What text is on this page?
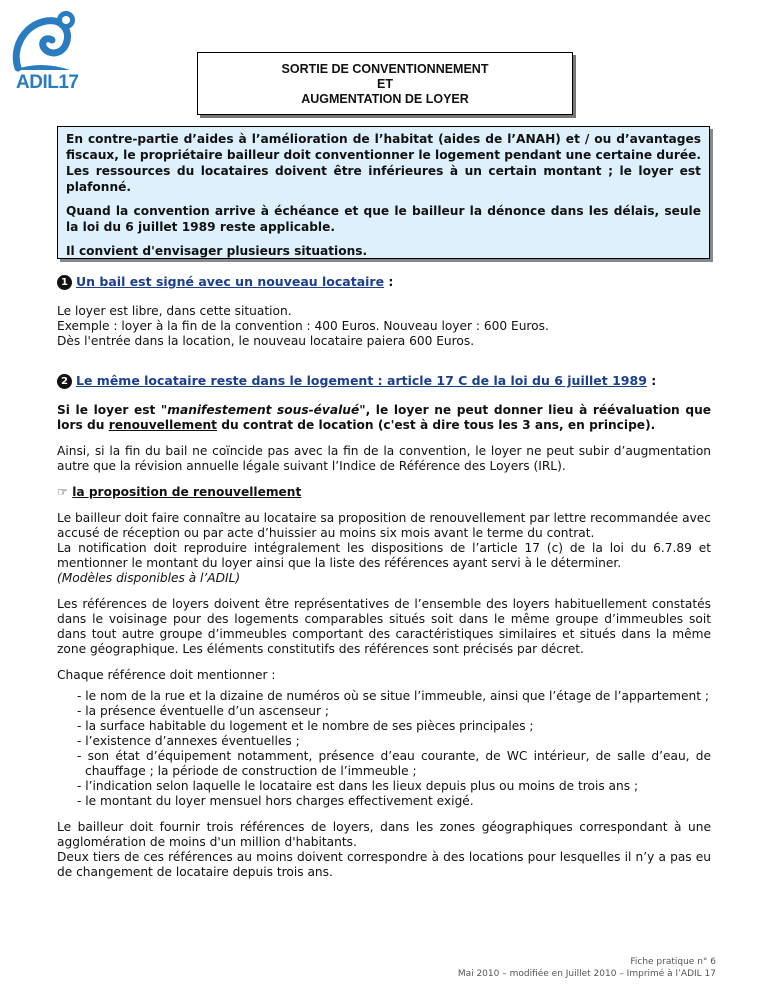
ADIL17
SORTIE DE CONVENTIONNEMENT
ET
AUGMENTATION DE LOYER

En contre-partie d’aides à l’amélioration de l’habitat (aides de l’ANAH) et / ou d’avantages fiscaux, le propriétaire bailleur doit conventionner le logement pendant une certaine durée. Les ressources du locataires doivent être inférieures à un certain montant ; le loyer est plafonné.

Quand la convention arrive à échéance et que le bailleur la dénonce dans les délais, seule la loi du 6 juillet 1989 reste applicable.

Il convient d'envisager plusieurs situations.

1 Un bail est signé avec un nouveau locataire :

Le loyer est libre, dans cette situation.

Exemple : loyer à la fin de la convention : 400 Euros. Nouveau loyer : 600 Euros.

Dès l'entrée dans la location, le nouveau locataire paiera 600 Euros.

2 Le même locataire reste dans le logement : article 17 C de la loi du 6 juillet 1989 :

Si le loyer est "manifestement sous-évalué", le loyer ne peut donner lieu à réévaluation que lors du renouvellement du contrat de location (c'est à dire tous les 3 ans, en principe).

Ainsi, si la fin du bail ne coïncide pas avec la fin de la convention, le loyer ne peut subir d’augmentation autre que la révision annuelle légale suivant l’Indice de Référence des Loyers (IRL).

☞ la proposition de renouvellement

Le bailleur doit faire connaître au locataire sa proposition de renouvellement par lettre recommandée avec accusé de réception ou par acte d’huissier au moins six mois avant le terme du contrat.

La notification doit reproduire intégralement les dispositions de l’article 17 (c) de la loi du 6.7.89 et mentionner le montant du loyer ainsi que la liste des références ayant servi à le déterminer.

(Modèles disponibles à l’ADIL)

Les références de loyers doivent être représentatives de l’ensemble des loyers habituellement constatés dans le voisinage pour des logements comparables situés soit dans le même groupe d’immeubles soit dans tout autre groupe d’immeubles comportant des caractéristiques similaires et situés dans la même zone géographique. Les éléments constitutifs des références sont précisés par décret.

Chaque référence doit mentionner :

- le nom de la rue et la dizaine de numéros où se situe l’immeuble, ainsi que l’étage de l’appartement ;
- la présence éventuelle d’un ascenseur ;
- la surface habitable du logement et le nombre de ses pièces principales ;
- l’existence d’annexes éventuelles ;
- son état d’équipement notamment, présence d’eau courante, de WC intérieur, de salle d’eau, de chauffage ; la période de construction de l’immeuble ;
- l’indication selon laquelle le locataire est dans les lieux depuis plus ou moins de trois ans ;
- le montant du loyer mensuel hors charges effectivement exigé.

Le bailleur doit fournir trois références de loyers, dans les zones géographiques correspondant à une agglomération de moins d'un million d'habitants.

Deux tiers de ces références au moins doivent correspondre à des locations pour lesquelles il n’y a pas eu de changement de locataire depuis trois ans.

Fiche pratique n° 6
Mai 2010 – modifiée en Juillet 2010 – Imprimé à l’ADIL 17
